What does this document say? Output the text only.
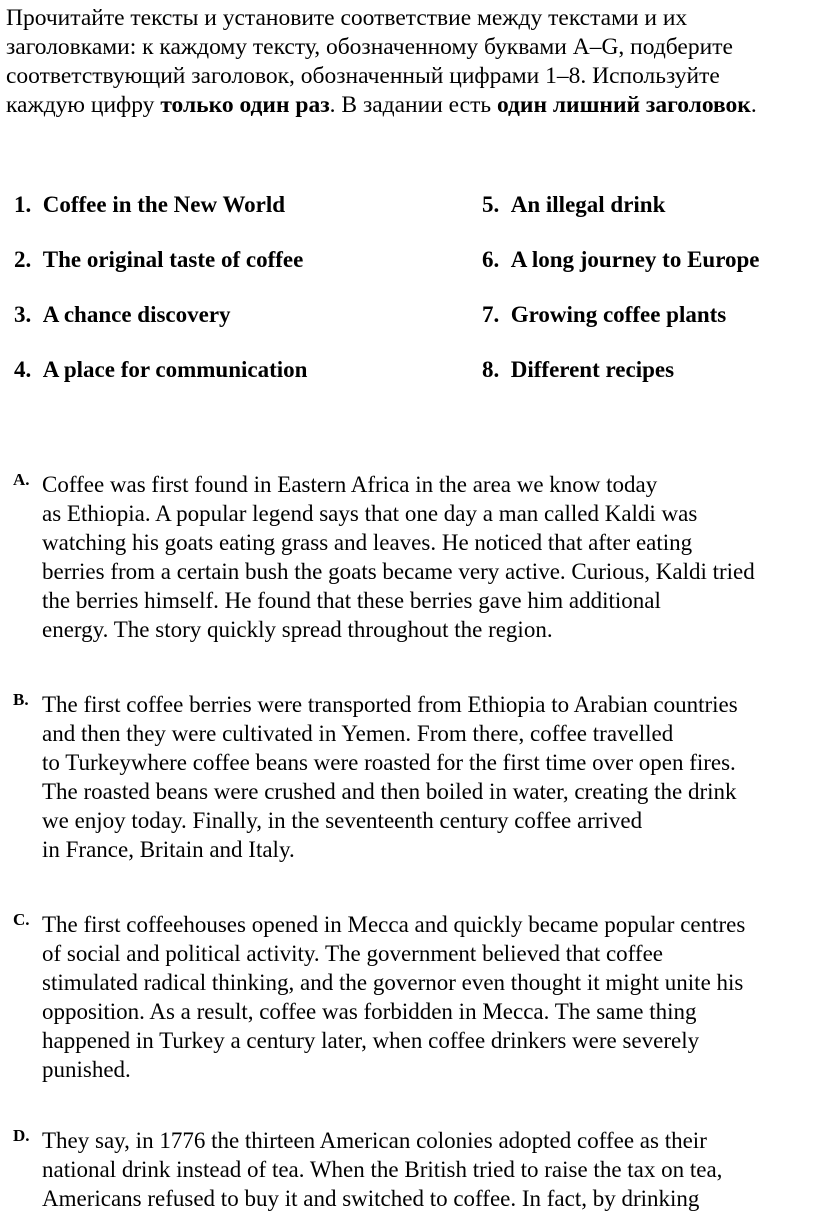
Прочитайте тексты и установите соответствие между текстами и их
заголовками: к каждому тексту, обозначенному буквами A–G, подберите
соответствующий заголовок, обозначенный цифрами 1–8. Используйте
каждую цифру только один раз. В задании есть один лишний заголовок.
1. Coffee in the New World
2. The original taste of coffee
3. A chance discovery
4. A place for communication
5. An illegal drink
6. A long journey to Europe
7. Growing coffee plants
8. Different recipes
A. Coffee was first found in Eastern Africa in the area we know today
as Ethiopia. A popular legend says that one day a man called Kaldi was
watching his goats eating grass and leaves. He noticed that after eating
berries from a certain bush the goats became very active. Curious, Kaldi tried
the berries himself. He found that these berries gave him additional
energy. The story quickly spread throughout the region.
B. The first coffee berries were transported from Ethiopia to Arabian countries
and then they were cultivated in Yemen. From there, coffee travelled
to Turkeywhere coffee beans were roasted for the first time over open fires.
The roasted beans were crushed and then boiled in water, creating the drink
we enjoy today. Finally, in the seventeenth century coffee arrived
in France, Britain and Italy.
C. The first coffeehouses opened in Mecca and quickly became popular centres
of social and political activity. The government believed that coffee
stimulated radical thinking, and the governor even thought it might unite his
opposition. As a result, coffee was forbidden in Mecca. The same thing
happened in Turkey a century later, when coffee drinkers were severely
punished.
D. They say, in 1776 the thirteen American colonies adopted coffee as their
national drink instead of tea. When the British tried to raise the tax on tea,
Americans refused to buy it and switched to coffee. In fact, by drinking
